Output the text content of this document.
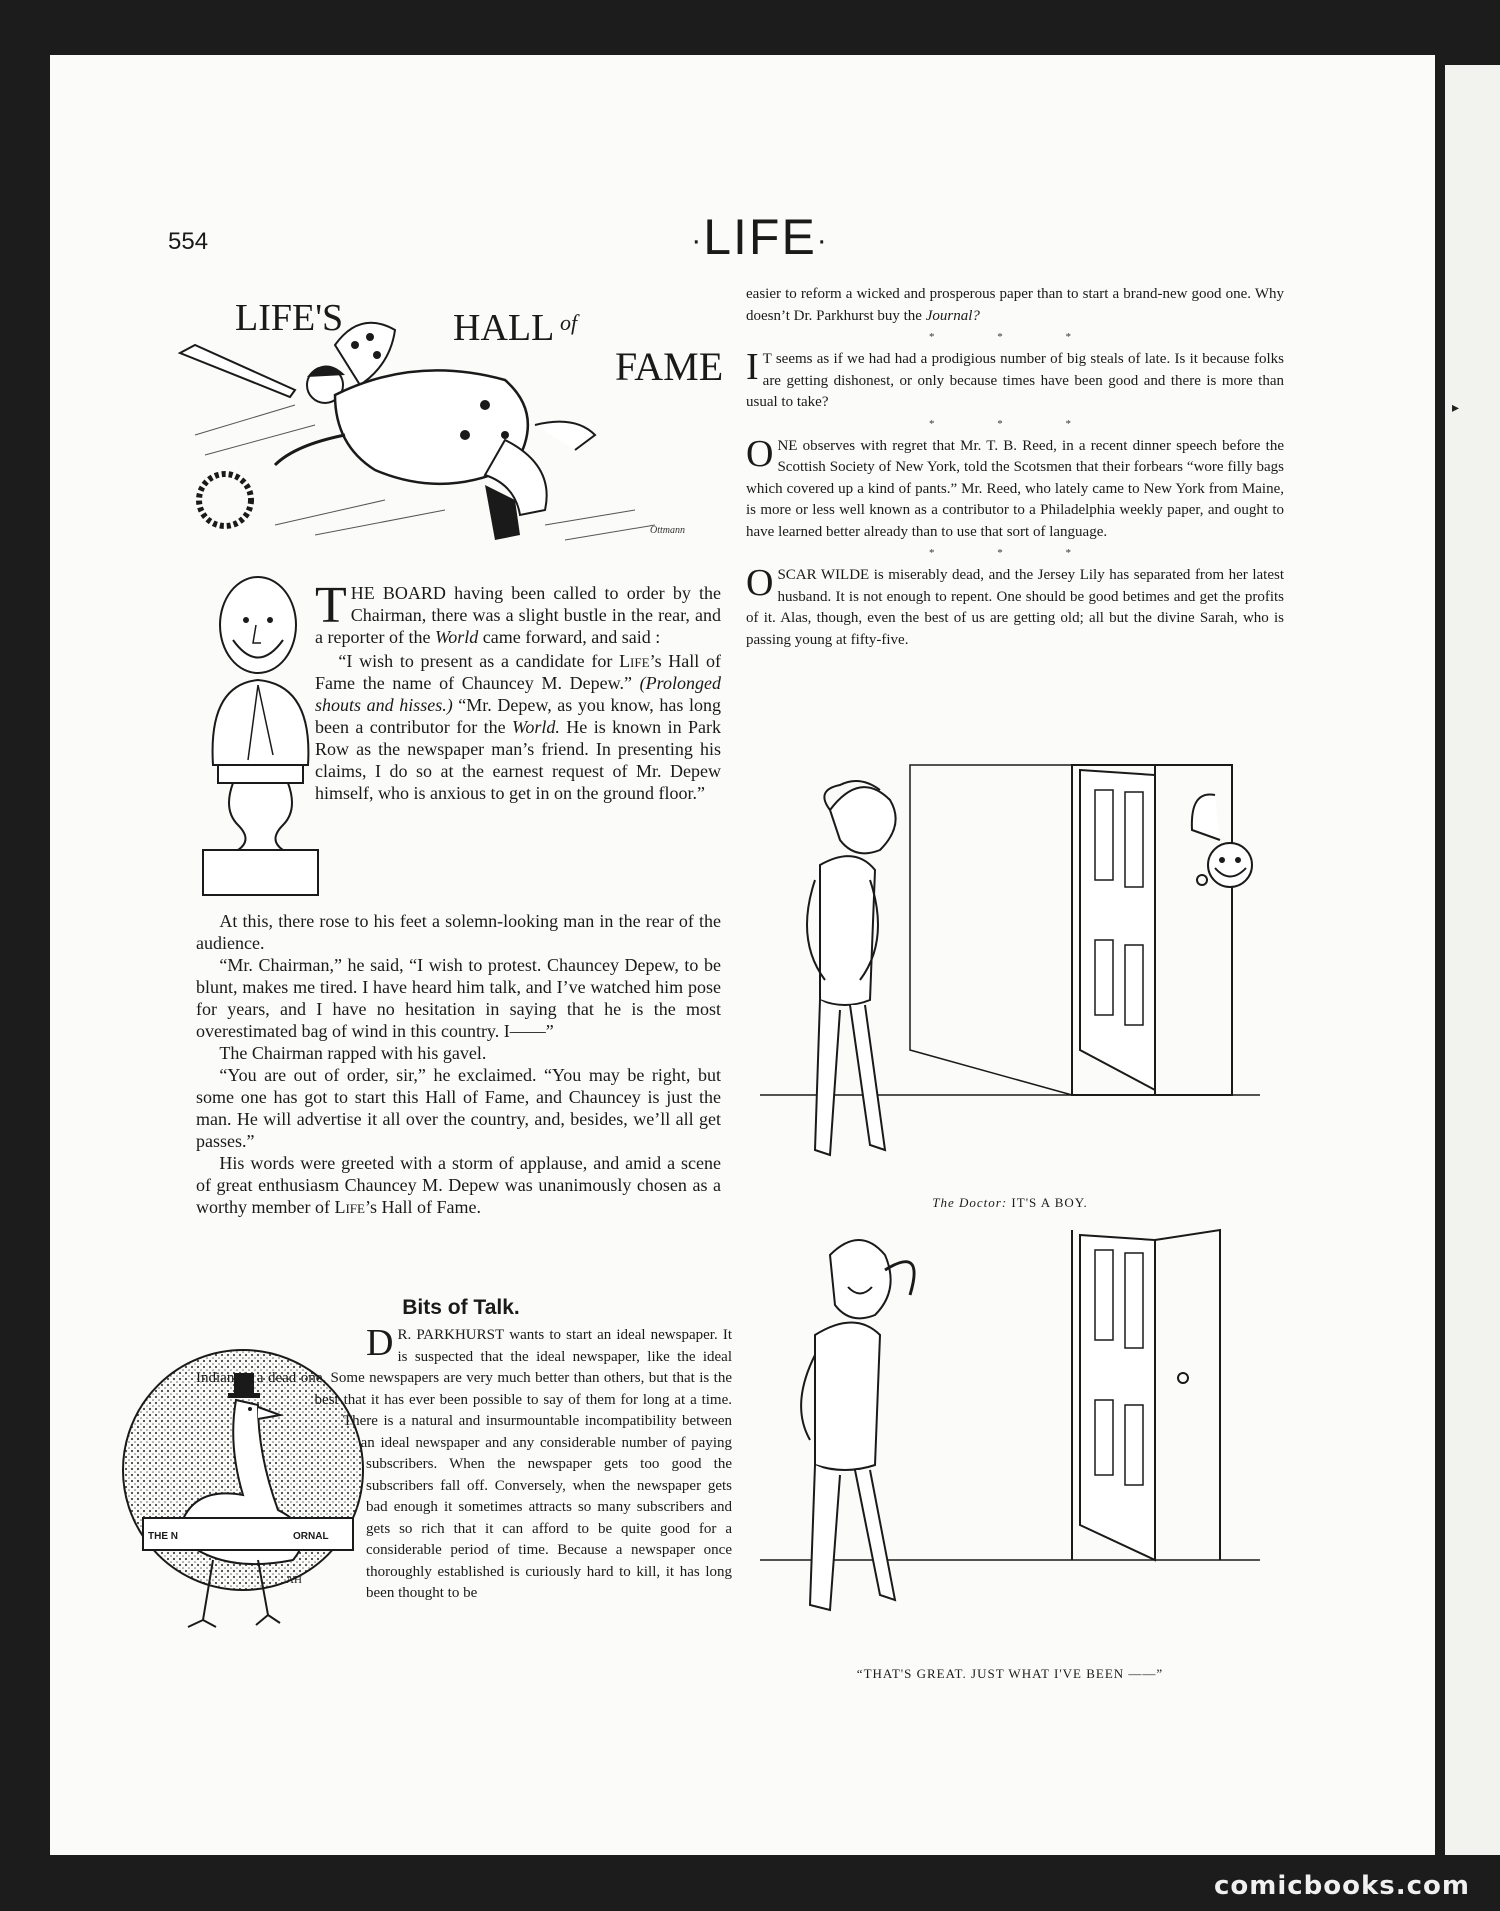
▸
554	·LIFE·
LIFE'S	HALL of
FAME
Ottmann

THE BOARD having been called to order by the Chairman, there was a slight bustle in the rear, and a reporter of the World came forward, and said :

“I wish to present as a candidate for Life’s Hall of Fame the name of Chauncey M. Depew.” (Prolonged shouts and hisses.) “Mr. Depew, as you know, has long been a contributor for the World. He is known in Park Row as the newspaper man’s friend. In presenting his claims, I do so at the earnest request of Mr. Depew himself, who is anxious to get in on the ground floor.”

At this, there rose to his feet a solemn-looking man in the rear of the audience.

“Mr. Chairman,” he said, “I wish to protest. Chauncey Depew, to be blunt, makes me tired. I have heard him talk, and I’ve watched him pose for years, and I have no hesitation in saying that he is the most overestimated bag of wind in this country. I——”

The Chairman rapped with his gavel.

“You are out of order, sir,” he exclaimed. “You may be right, but some one has got to start this Hall of Fame, and Chauncey is just the man. He will advertise it all over the country, and, besides, we’ll all get passes.”

His words were greeted with a storm of applause, and amid a scene of great enthusiasm Chauncey M. Depew was unanimously chosen as a worthy member of Life’s Hall of Fame.

Bits of Talk.
THE N	ORNAL
AH

D R. PARKHURST wants to start an ideal newspaper. It is suspected that the ideal newspaper, like the ideal Indian, is a dead one. Some newspapers are very much better than others, but that is the best that it has ever been possible to say of them for long at a time. There is a natural and insurmountable incompatibility between an ideal newspaper and any considerable number of paying subscribers. When the newspaper gets too good the subscribers fall off. Conversely, when the newspaper gets bad enough it sometimes attracts so many subscribers and gets so rich that it can afford to be quite good for a considerable period of time. Because a newspaper once thoroughly established is curiously hard to kill, it has long been thought to be

easier to reform a wicked and prosperous paper than to start a brand-new good one. Why doesn’t Dr. Parkhurst buy the Journal?

* * *

I T seems as if we had had a prodigious number of big steals of late. Is it because folks are getting dishonest, or only because times have been good and there is more than usual to take?

* * *

ONE observes with regret that Mr. T. B. Reed, in a recent dinner speech before the Scottish Society of New York, told the Scotsmen that their forbears “wore filly bags which covered up a kind of pants.” Mr. Reed, who lately came to New York from Maine, is more or less well known as a contributor to a Philadelphia weekly paper, and ought to have learned better already than to use that sort of language.

* * *

OSCAR WILDE is miserably dead, and the Jersey Lily has separated from her latest husband. It is not enough to repent. One should be good betimes and get the profits of it. Alas, though, even the best of us are getting old; all but the divine Sarah, who is passing young at fifty-five.

The Doctor: IT'S A BOY.
“THAT'S GREAT. JUST WHAT I'VE BEEN ——”
comicbooks.com
